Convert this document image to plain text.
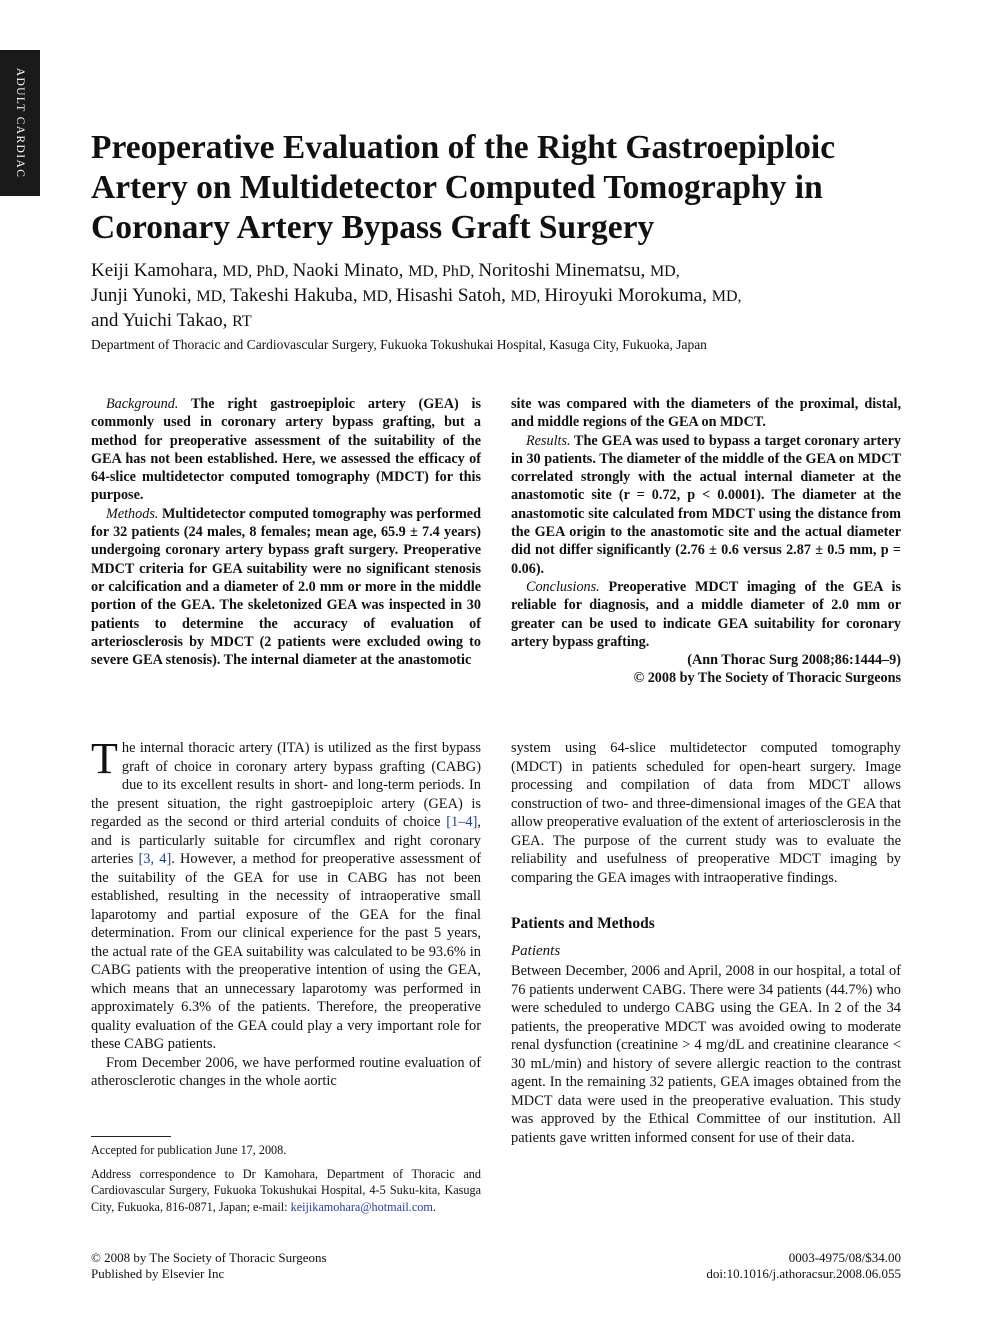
ADULT CARDIAC Preoperative Evaluation of the Right Gastroepiploic
Artery on Multidetector Computed Tomography in
Coronary Artery Bypass Graft Surgery
Keiji Kamohara, MD, PhD, Naoki Minato, MD, PhD, Noritoshi Minematsu, MD,
Junji Yunoki, MD, Takeshi Hakuba, MD, Hisashi Satoh, MD, Hiroyuki Morokuma, MD,
and Yuichi Takao, RT
Department of Thoracic and Cardiovascular Surgery, Fukuoka Tokushukai Hospital, Kasuga City, Fukuoka, Japan

Background. The right gastroepiploic artery (GEA) is commonly used in coronary artery bypass grafting, but a method for preoperative assessment of the suitability of the GEA has not been established. Here, we assessed the efficacy of 64-slice multidetector computed tomography (MDCT) for this purpose.

Methods. Multidetector computed tomography was performed for 32 patients (24 males, 8 females; mean age, 65.9 ± 7.4 years) undergoing coronary artery bypass graft surgery. Preoperative MDCT criteria for GEA suitability were no significant stenosis or calcification and a diameter of 2.0 mm or more in the middle portion of the GEA. The skeletonized GEA was inspected in 30 patients to determine the accuracy of evaluation of arteriosclerosis by MDCT (2 patients were excluded owing to severe GEA stenosis). The internal diameter at the anastomotic

site was compared with the diameters of the proximal, distal, and middle regions of the GEA on MDCT.

Results. The GEA was used to bypass a target coronary artery in 30 patients. The diameter of the middle of the GEA on MDCT correlated strongly with the actual internal diameter at the anastomotic site (r = 0.72, p < 0.0001). The diameter at the anastomotic site calculated from MDCT using the distance from the GEA origin to the anastomotic site and the actual diameter did not differ significantly (2.76 ± 0.6 versus 2.87 ± 0.5 mm, p = 0.06).

Conclusions. Preoperative MDCT imaging of the GEA is reliable for diagnosis, and a middle diameter of 2.0 mm or greater can be used to indicate GEA suitability for coronary artery bypass grafting.

(Ann Thorac Surg 2008;86:1444–9)
© 2008 by The Society of Thoracic Surgeons

The internal thoracic artery (ITA) is utilized as the first bypass graft of choice in coronary artery bypass grafting (CABG) due to its excellent results in short- and long-term periods. In the present situation, the right gastroepiploic artery (GEA) is regarded as the second or third arterial conduits of choice [1–4], and is particularly suitable for circumflex and right coronary arteries [3, 4]. However, a method for preoperative assessment of the suitability of the GEA for use in CABG has not been established, resulting in the necessity of intraoperative small laparotomy and partial exposure of the GEA for the final determination. From our clinical experience for the past 5 years, the actual rate of the GEA suitability was calculated to be 93.6% in CABG patients with the preoperative intention of using the GEA, which means that an unnecessary laparotomy was performed in approximately 6.3% of the patients. Therefore, the preoperative quality evaluation of the GEA could play a very important role for these CABG patients.

From December 2006, we have performed routine evaluation of atherosclerotic changes in the whole aortic

system using 64-slice multidetector computed tomography (MDCT) in patients scheduled for open-heart surgery. Image processing and compilation of data from MDCT allows construction of two- and three-dimensional images of the GEA that allow preoperative evaluation of the extent of arteriosclerosis in the GEA. The purpose of the current study was to evaluate the reliability and usefulness of preoperative MDCT imaging by comparing the GEA images with intraoperative findings.

Patients and Methods
Patients

Between December, 2006 and April, 2008 in our hospital, a total of 76 patients underwent CABG. There were 34 patients (44.7%) who were scheduled to undergo CABG using the GEA. In 2 of the 34 patients, the preoperative MDCT was avoided owing to moderate renal dysfunction (creatinine > 4 mg/dL and creatinine clearance < 30 mL/min) and history of severe allergic reaction to the contrast agent. In the remaining 32 patients, GEA images obtained from the MDCT data were used in the preoperative evaluation. This study was approved by the Ethical Committee of our institution. All patients gave written informed consent for use of their data.

Accepted for publication June 17, 2008.
Address correspondence to Dr Kamohara, Department of Thoracic and Cardiovascular Surgery, Fukuoka Tokushukai Hospital, 4-5 Suku-kita, Kasuga City, Fukuoka, 816-0871, Japan; e-mail: keijikamohara@hotmail.com.
© 2008 by The Society of Thoracic Surgeons
Published by Elsevier Inc
0003-4975/08/$34.00
doi:10.1016/j.athoracsur.2008.06.055
